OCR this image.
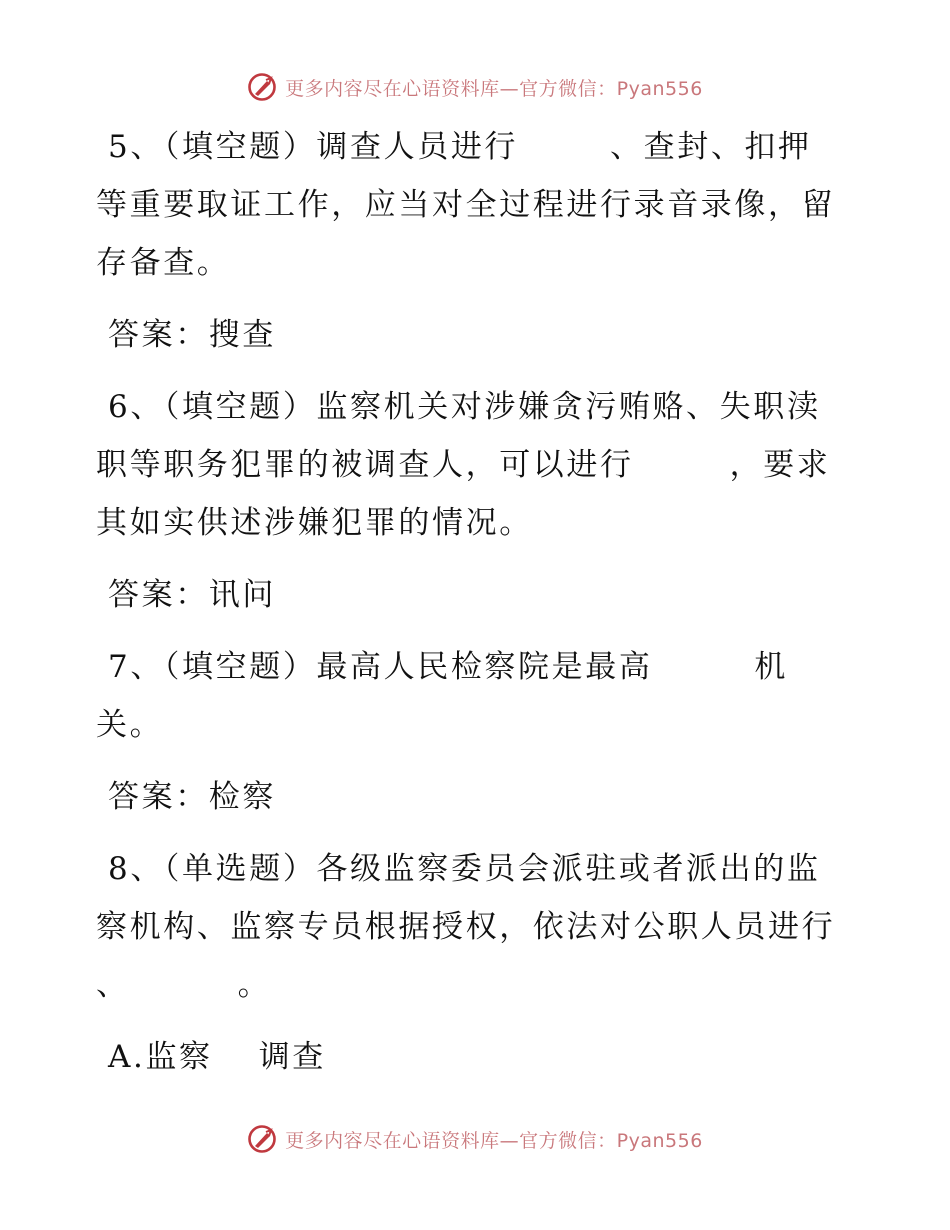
更多内容尽在心语资料库—官方微信：Pyan556

5、（填空题）调查人员进行	、查封、扣押

等重要取证工作，应当对全过程进行录音录像，留

存备查。

答案：搜查

6、（填空题）监察机关对涉嫌贪污贿赂、失职渎

职等职务犯罪的被调查人，可以进行	，要求

其如实供述涉嫌犯罪的情况。

答案：讯问

7、（填空题）最高人民检察院是最高	机

关。

答案：检察

8、（单选题）各级监察委员会派驻或者派出的监

察机构、监察专员根据授权，依法对公职人员进行

、	。

A.监察　 调查

更多内容尽在心语资料库—官方微信：Pyan556
